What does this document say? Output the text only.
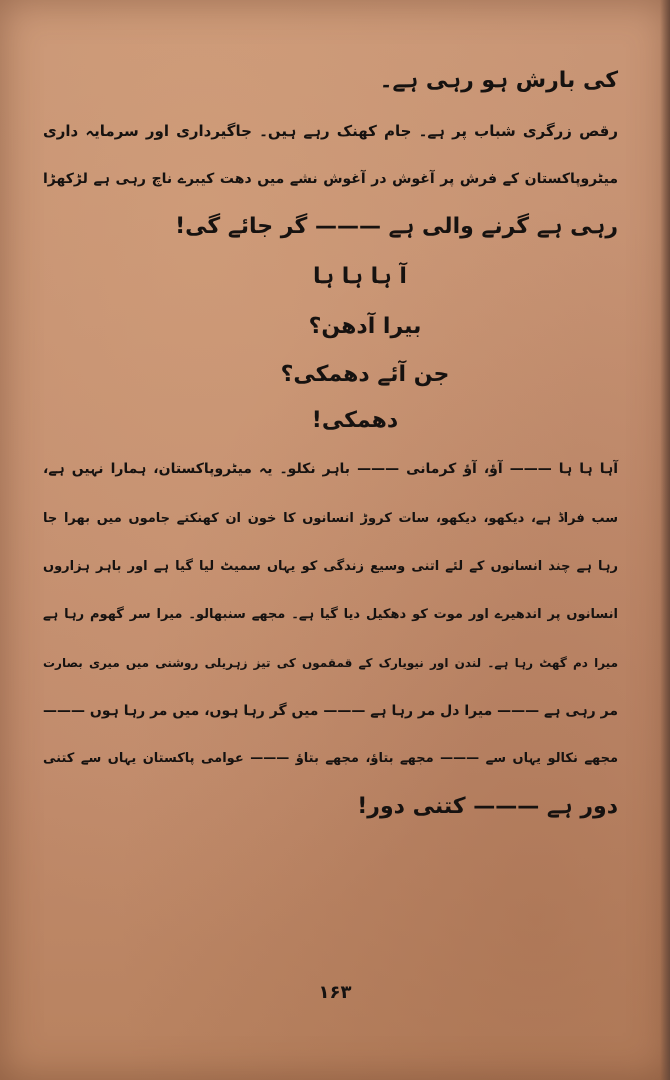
کی بارش ہو رہی ہے۔
رقص زرگری شباب پر ہے۔ جام کھنک رہے ہیں۔ جاگیرداری اور سرمایہ داری
میٹروپاکستان کے فرش پر آغوش در آغوش نشے میں دھت کیبرے ناچ رہی ہے لڑکھڑا
رہی ہے گرنے والی ہے ——— گر جائے گی!
آ ہا ہا ہا
بیرا آدھن؟
جن آئے دھمکی؟
دھمکی!
آہا ہا ہا ——— آؤ، آؤ کرمانی ——— باہر نکلو۔ یہ میٹروپاکستان، ہمارا نہیں ہے،
سب فراڈ ہے، دیکھو، دیکھو، سات کروڑ انسانوں کا خون ان کھنکتے جاموں میں بھرا جا
رہا ہے چند انسانوں کے لئے اتنی وسیع زندگی کو یہاں سمیٹ لیا گیا ہے اور باہر ہزاروں
انسانوں پر اندھیرے اور موت کو دھکیل دیا گیا ہے۔ مجھے سنبھالو۔ میرا سر گھوم رہا ہے
میرا دم گھٹ رہا ہے۔ لندن اور نیویارک کے قمقموں کی تیز زہریلی روشنی میں میری بصارت
مر رہی ہے ——— میرا دل مر رہا ہے ——— میں گر رہا ہوں، میں مر رہا ہوں ———
مجھے نکالو یہاں سے ——— مجھے بتاؤ، مجھے بتاؤ ——— عوامی پاکستان یہاں سے کتنی
دور ہے ——— کتنی دور!
۱۶۳
